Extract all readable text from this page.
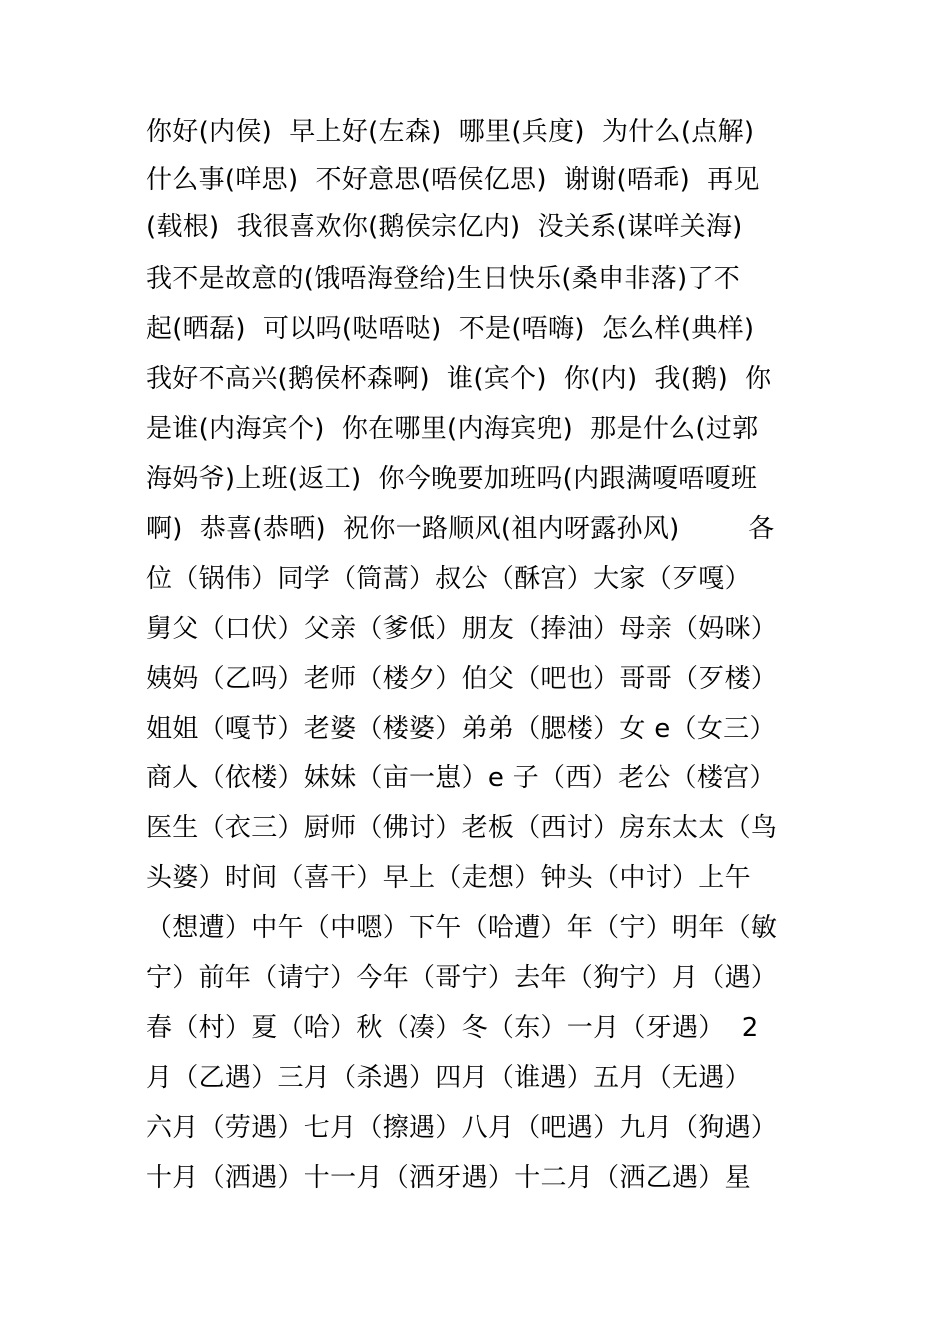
你好(内侯)  早上好(左森)  哪里(兵度)  为什么(点解)
什么事(咩思)  不好意思(唔侯亿思)  谢谢(唔乖)  再见
(载根)  我很喜欢你(鹅侯宗亿内)  没关系(谋咩关海)
我不是故意的(饿唔海登给)生日快乐(桑申非落)了不
起(晒磊)  可以吗(哒唔哒)  不是(唔嗨)  怎么样(典样)
我好不高兴(鹅侯杯森啊)  谁(宾个)  你(内)  我(鹅)  你
是谁(内海宾个)  你在哪里(内海宾兜)  那是什么(过郭
海妈爷)上班(返工)  你今晚要加班吗(内跟满嗄唔嗄班
啊)  恭喜(恭晒)  祝你一路顺风(祖内呀露孙风)        各
位（锅伟）同学（筒蒿）叔公（酥宫）大家（歹嘎）
舅父（口伏）父亲（爹低）朋友（捧油）母亲（妈咪）
姨妈（乙吗）老师（楼夕）伯父（吧也）哥哥（歹楼）
姐姐（嘎节）老婆（楼婆）弟弟（腮楼）女 e（女三）
商人（依楼）妹妹（亩一崽）e 子（西）老公（楼宫）
医生（衣三）厨师（佛讨）老板（西讨）房东太太（鸟
头婆）时间（喜干）早上（走想）钟头（中讨）上午
（想遭）中午（中嗯）下午（哈遭）年（宁）明年（敏
宁）前年（请宁）今年（哥宁）去年（狗宁）月（遇）
春（村）夏（哈）秋（凑）冬（东）一月（牙遇）  2
月（乙遇）三月（杀遇）四月（谁遇）五月（无遇）
六月（劳遇）七月（擦遇）八月（吧遇）九月（狗遇）
十月（洒遇）十一月（洒牙遇）十二月（洒乙遇）星
